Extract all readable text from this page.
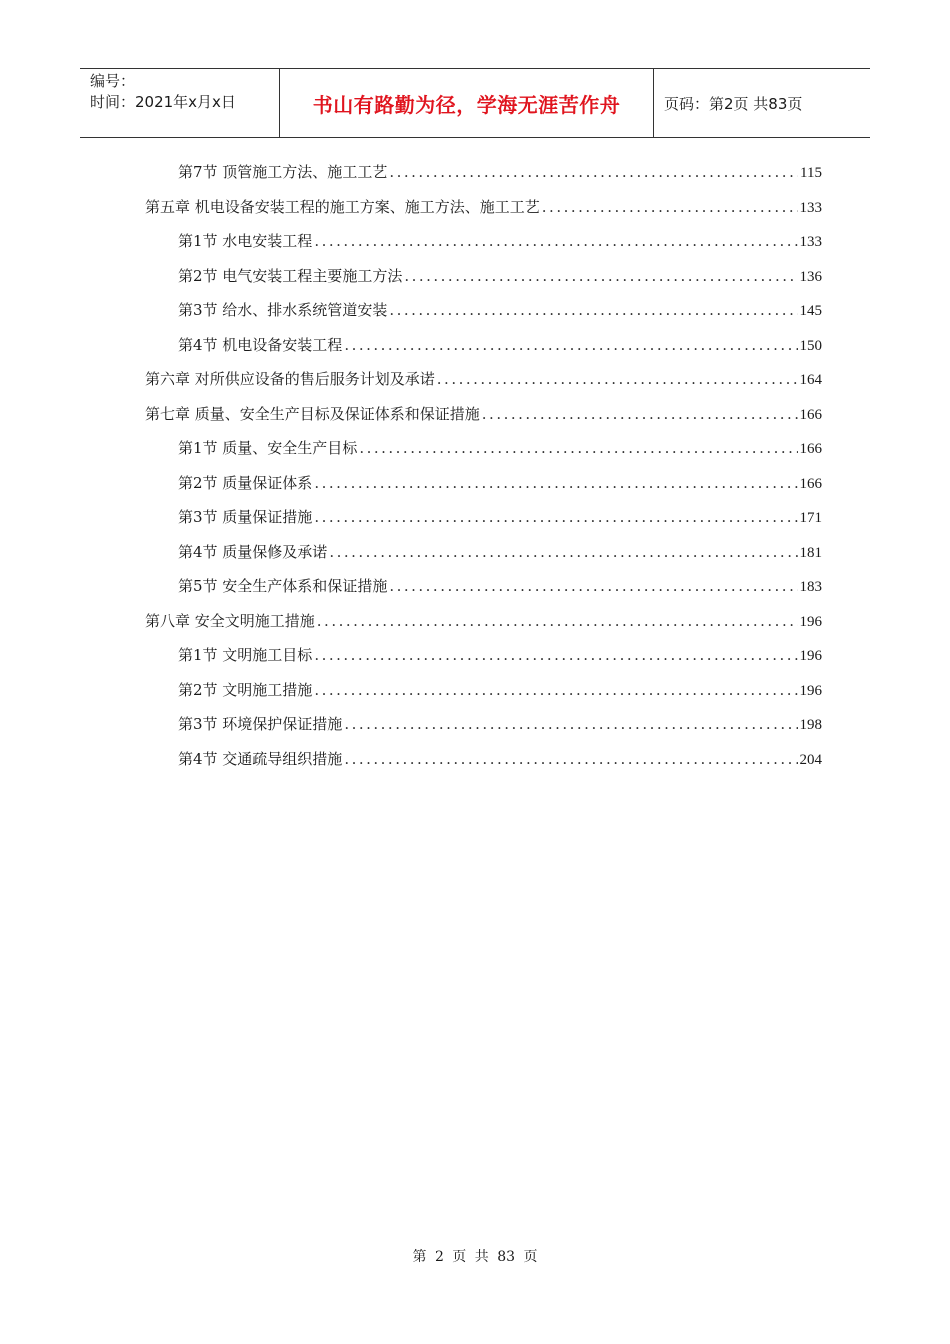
编号：
时间：2021年x月x日	书山有路勤为径，学海无涯苦作舟	页码：第2页 共83页
第7节 顶管施工方法、施工工艺 .....	115
第五章 机电设备安装工程的施工方案、施工方法、施工工艺 .....	133
第1节 水电安装工程 .....	133
第2节 电气安装工程主要施工方法 .....	136
第3节 给水、排水系统管道安装 .....	145
第4节 机电设备安装工程 .....	150
第六章 对所供应设备的售后服务计划及承诺 .....	164
第七章 质量、安全生产目标及保证体系和保证措施 .....	166
第1节 质量、安全生产目标 .....	166
第2节 质量保证体系 .....	166
第3节 质量保证措施 .....	171
第4节 质量保修及承诺 .....	181
第5节 安全生产体系和保证措施 .....	183
第八章 安全文明施工措施 .....	196
第1节 文明施工目标 .....	196
第2节 文明施工措施 .....	196
第3节 环境保护保证措施 .....	198
第4节 交通疏导组织措施 .....	204
第 2 页 共 83 页
